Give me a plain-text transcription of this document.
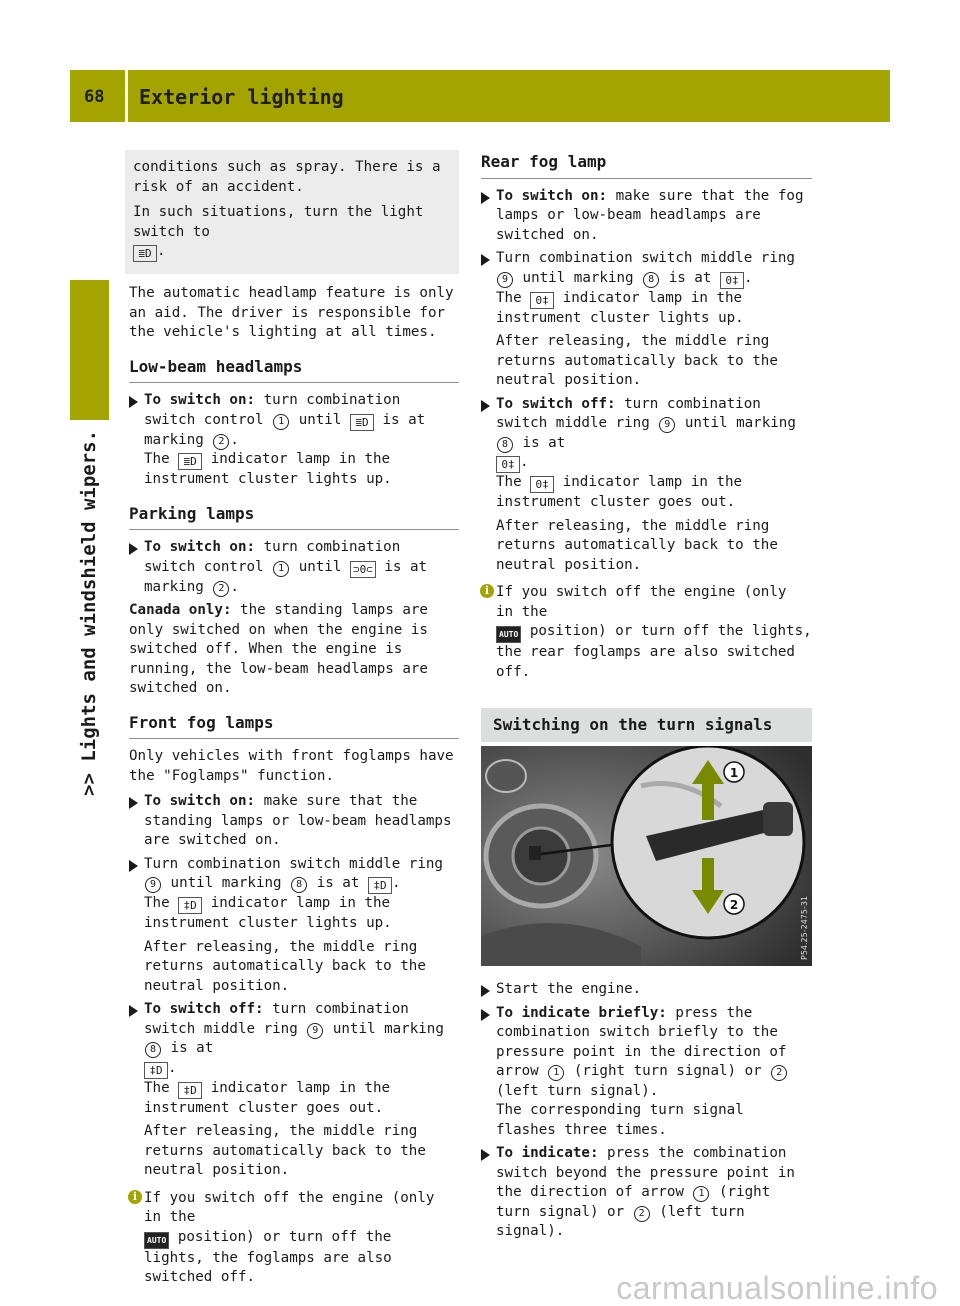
68 Exterior lighting
>> Lights and windshield wipers.

conditions such as spray. There is a risk of an accident.

In such situations, turn the light switch to
≣D .

The automatic headlamp feature is only an aid. The driver is responsible for the vehicle's lighting at all times.

Low-beam headlamps

To switch on: turn combination switch control 1 until ≣D is at marking 2 .
The ≣D indicator lamp in the instrument cluster lights up.

Parking lamps

To switch on: turn combination switch control 1 until ⊃0⊂ is at marking 2 .

Canada only: the standing lamps are only switched on when the engine is switched off. When the engine is running, the low-beam headlamps are switched on.

Front fog lamps

Only vehicles with front foglamps have the "Foglamps" function.

To switch on: make sure that the standing lamps or low-beam headlamps are switched on.

Turn combination switch middle ring 9 until marking 8 is at ‡D .
The ‡D indicator lamp in the instrument cluster lights up.

After releasing, the middle ring returns automatically back to the neutral position.

To switch off: turn combination switch middle ring 9 until marking 8 is at
‡D .
The ‡D indicator lamp in the instrument cluster goes out.

After releasing, the middle ring returns automatically back to the neutral position.

i If you switch off the engine (only in the
AUTO position) or turn off the lights, the foglamps are also switched off.

Rear fog lamp

To switch on: make sure that the fog lamps or low-beam headlamps are switched on.

Turn combination switch middle ring 9 until marking 8 is at 0‡ .
The 0‡ indicator lamp in the instrument cluster lights up.

After releasing, the middle ring returns automatically back to the neutral position.

To switch off: turn combination switch middle ring 9 until marking 8 is at
0‡ .
The 0‡ indicator lamp in the instrument cluster goes out.

After releasing, the middle ring returns automatically back to the neutral position.

i If you switch off the engine (only in the
AUTO position) or turn off the lights, the rear foglamps are also switched off.

Switching on the turn signals
1
2	P54.25-2475-31

Start the engine.

To indicate briefly: press the combination switch briefly to the pressure point in the direction of arrow 1 (right turn signal) or 2 (left turn signal).
The corresponding turn signal flashes three times.

To indicate: press the combination switch beyond the pressure point in the direction of arrow 1 (right turn signal) or 2 (left turn signal).

carmanualsonline.info
